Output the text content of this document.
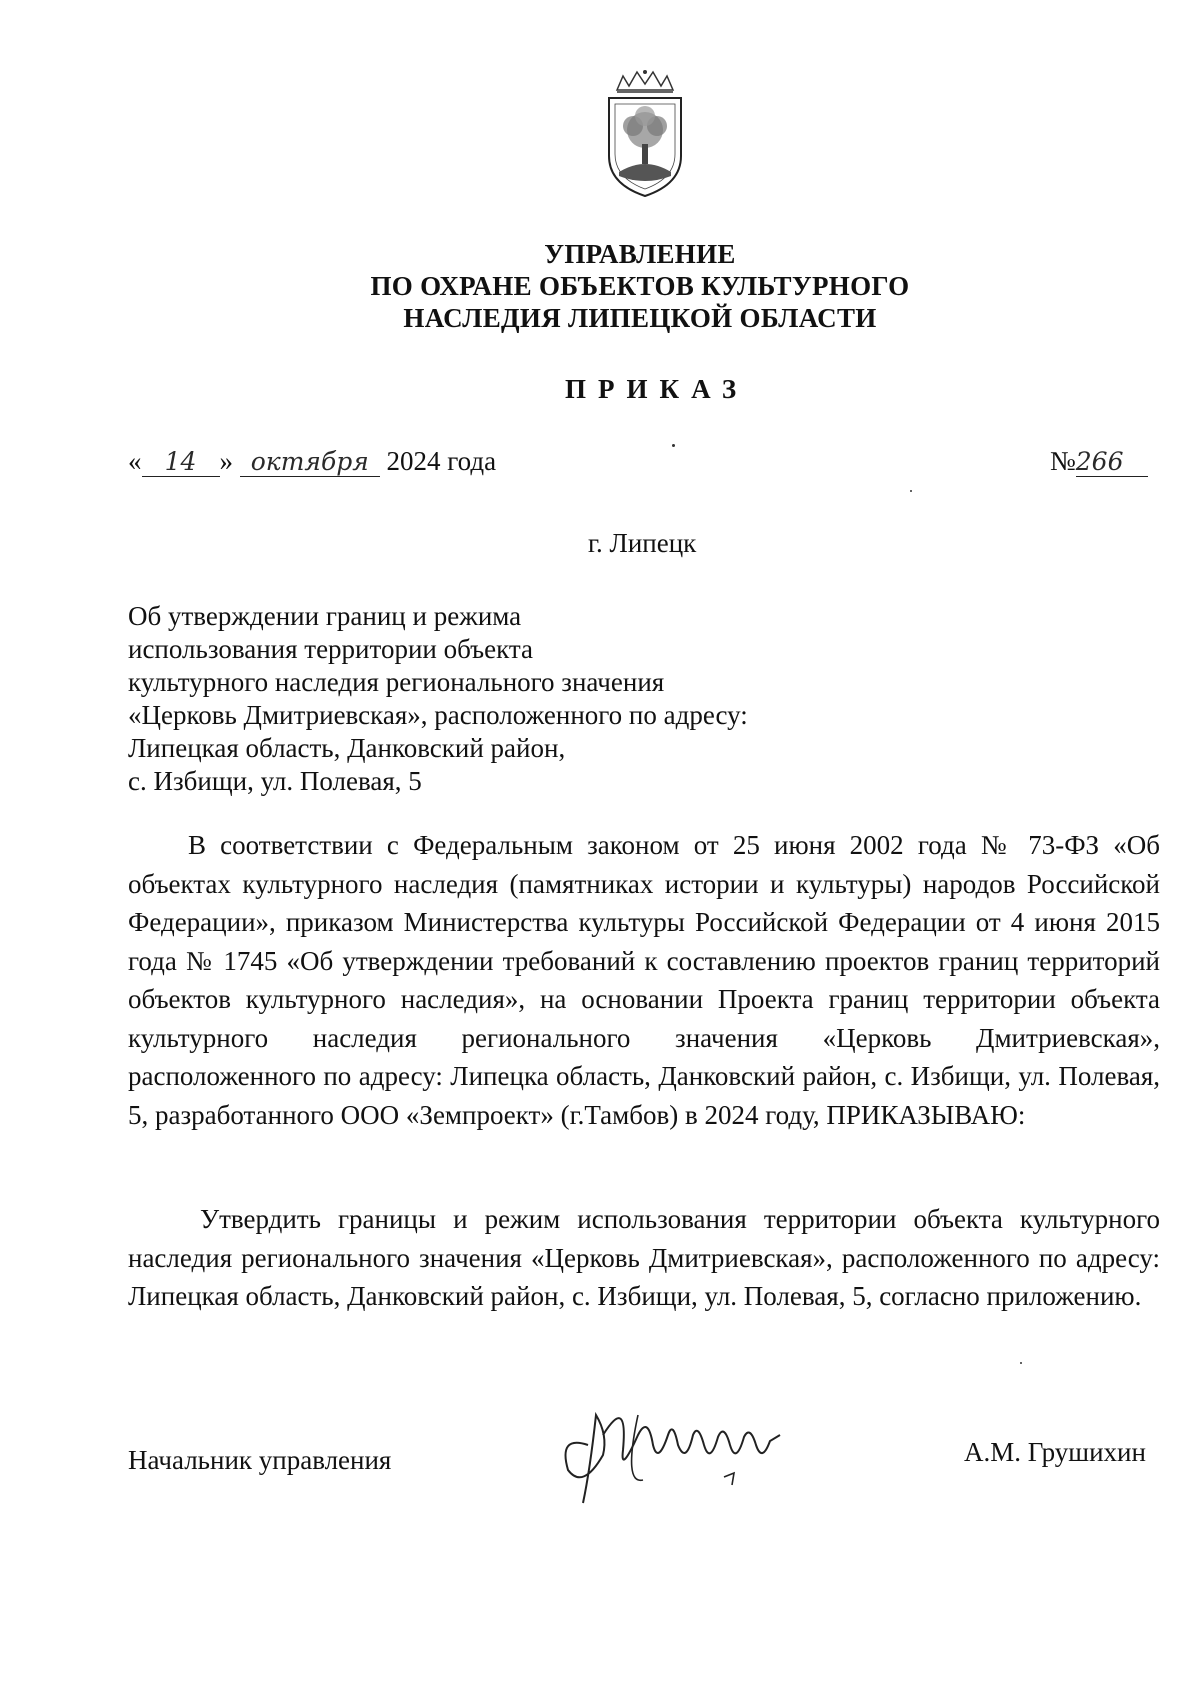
УПРАВЛЕНИЕ
ПО ОХРАНЕ ОБЪЕКТОВ КУЛЬТУРНОГО
НАСЛЕДИЯ ЛИПЕЦКОЙ ОБЛАСТИ
ПРИКАЗ
« 14 » октября 2024 года	№266
г. Липецк
Об утверждении границ и режима
использования территории объекта
культурного наследия регионального значения
«Церковь Дмитриевская», расположенного по адресу:
Липецкая область, Данковский район,
с. Избищи, ул. Полевая, 5

В соответствии с Федеральным законом от 25 июня 2002 года № 73-ФЗ «Об объектах культурного наследия (памятниках истории и культуры) народов Российской Федерации», приказом Министерства культуры Российской Федерации от 4 июня 2015 года № 1745 «Об утверждении требований к составлению проектов границ территорий объектов культурного наследия», на основании Проекта границ территории объекта культурного наследия регионального значения «Церковь Дмитриевская», расположенного по адресу: Липецка область, Данковский район, с. Избищи, ул. Полевая, 5, разработанного ООО «Земпроект» (г.Тамбов) в 2024 году, ПРИКАЗЫВАЮ:

Утвердить границы и режим использования территории объекта культурного наследия регионального значения «Церковь Дмитриевская», расположенного по адресу: Липецкая область, Данковский район, с. Избищи, ул. Полевая, 5, согласно приложению.

Начальник управления	А.М. Грушихин
